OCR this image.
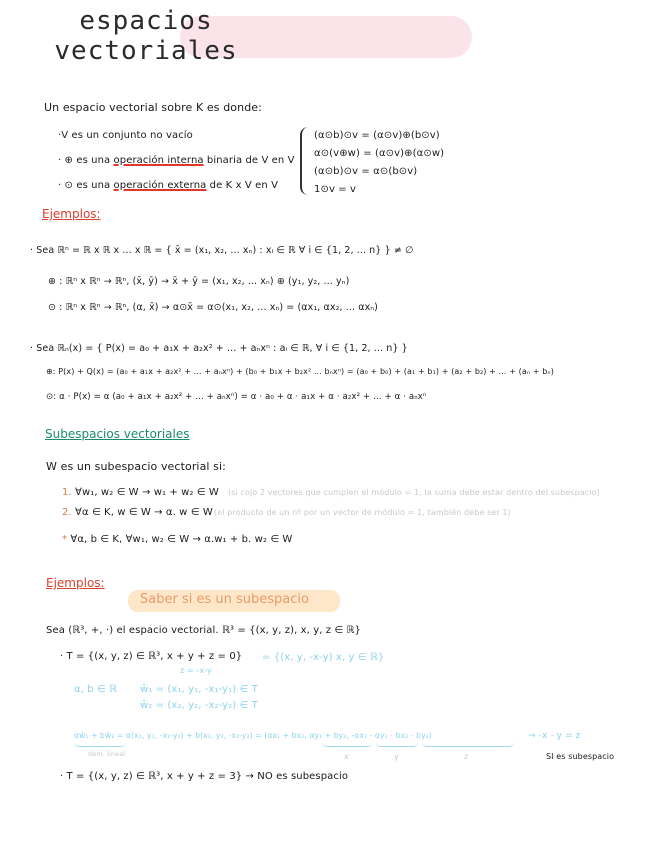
espacios vectoriales
Un espacio vectorial sobre K es donde:
·V es un conjunto no vacío
· ⊕ es una operación interna binaria de V en V
· ⊙ es una operación externa de K x V en V
(α⊙b)⊙v = (α⊙v)⊕(b⊙v)
α⊙(v⊕w) = (α⊙v)⊕(α⊙w)
(α⊙b)⊙v = α⊙(b⊙v)
1⊙v = v
Ejemplos:
· Sea ℝⁿ = ℝ x ℝ x ... x ℝ = { x̄ = (x₁, x₂, ... xₙ) : xᵢ ∈ ℝ ∀ i ∈ {1, 2, ... n} } ≠ ∅
⊕ : ℝⁿ x ℝⁿ → ℝⁿ, (x̄, ȳ) → x̄ + ȳ = (x₁, x₂, ... xₙ) ⊕ (y₁, y₂, ... yₙ)
⊙ : ℝⁿ x ℝⁿ → ℝⁿ, (α, x̄) → α⊙x̄ = α⊙(x₁, x₂, ... xₙ) = (αx₁, αx₂, ... αxₙ)
· Sea ℝₙ(x) = { P(x) = a₀ + a₁x + a₂x² + ... + aₙxⁿ : aᵢ ∈ ℝ, ∀ i ∈ {1, 2, ... n} }
⊕: P(x) + Q(x) = (a₀ + a₁x + a₂x² + ... + aₙxⁿ) + (b₀ + b₁x + b₂x² ... bₙxⁿ) = (a₀ + b₀) + (a₁ + b₁) + (a₂ + b₂) + ... + (aₙ + bₙ)
⊙: α · P(x) = α (a₀ + a₁x + a₂x² + ... + aₙxⁿ) = α · a₀ + α · a₁x + α · a₂x² + ... + α · aₙxⁿ
Subespacios vectoriales
W es un subespacio vectorial si:
1. ∀w₁, w₂ ∈ W → w₁ + w₂ ∈ W (si cojo 2 vectores que cumplen el módulo = 1, la suma debe estar dentro del subespacio)
2. ∀α ∈ K, w ∈ W → α. w ∈ W (el producto de un nº por un vector de módulo = 1, también debe ser 1)
* ∀α, b ∈ K, ∀w₁, w₂ ∈ W → α.w₁ + b. w₂ ∈ W
Ejemplos:
Saber si es un subespacio
Sea (ℝ³, +, ·) el espacio vectorial. ℝ³ = {(x, y, z), x, y, z ∈ ℝ}
· T = {(x, y, z) ∈ ℝ³, x + y + z = 0} = {(x, y, -x-y) x, y ∈ ℝ}
z = -x-y
α, b ∈ ℝ w̄₁ = (x₁, y₁, -x₁-y₁) ∈ T
w̄₂ = (x₂, y₂, -x₂-y₂) ∈ T
αw̄₁ + bw̄₂ = α(x₁, y₁, -x₁-y₁) + b(x₂, y₂, -x₂-y₂) = (αx₁ + bx₂, αy₁ + by₂, -αx₁ - αy₁ - bx₂ - by₂)	→ -x - y = z
dem. lineal	x	y	z	SI es subespacio
· T = {(x, y, z) ∈ ℝ³, x + y + z = 3} → NO es subespacio
